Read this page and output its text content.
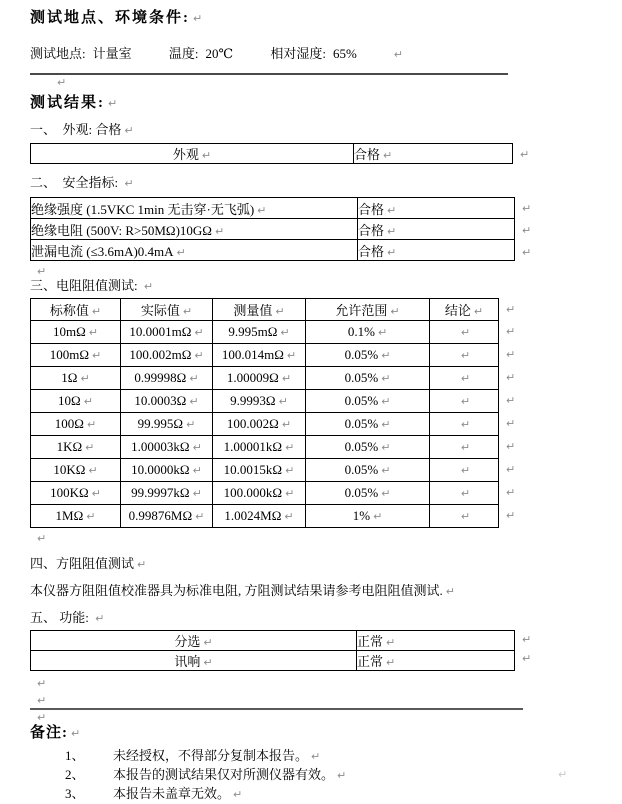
测试地点、环境条件: ↵
测试地点: 计量室	温度: 20℃	相对湿度: 65%	↵
↵
测试结果: ↵
一、  外观: 合格 ↵
外观 ↵	合格 ↵	↵
二、  安全指标: ↵
绝缘强度 (1.5VKC 1min 无击穿·无飞弧) ↵	合格 ↵
绝缘电阻 (500V: R>50MΩ)10GΩ ↵	合格 ↵
泄漏电流 (≤3.6mA)0.4mA ↵	合格 ↵
↵
↵
↵
↵
三、电阻阻值测试: ↵
标称值 ↵	实际值 ↵	测量值 ↵	允许范围 ↵	结论 ↵
10mΩ ↵	10.0001mΩ ↵	9.995mΩ ↵	0.1% ↵	↵
100mΩ ↵	100.002mΩ ↵	100.014mΩ ↵	0.05% ↵	↵
1Ω ↵	0.99998Ω ↵	1.00009Ω ↵	0.05% ↵	↵
10Ω ↵	10.0003Ω ↵	9.9993Ω ↵	0.05% ↵	↵
100Ω ↵	99.995Ω ↵	100.002Ω ↵	0.05% ↵	↵
1KΩ ↵	1.00003kΩ ↵	1.00001kΩ ↵	0.05% ↵	↵
10KΩ ↵	10.0000kΩ ↵	10.0015kΩ ↵	0.05% ↵	↵
100KΩ ↵	99.9997kΩ ↵	100.000kΩ ↵	0.05% ↵	↵
1MΩ ↵	0.99876MΩ ↵	1.0024MΩ ↵	1% ↵	↵
↵
↵
↵
↵
↵
↵
↵
↵
↵
↵
↵
四、方阻阻值测试 ↵
本仪器方阻阻值校准器具为标准电阻, 方阻测试结果请参考电阻阻值测试. ↵
五、 功能: ↵
分选 ↵	正常 ↵
讯响 ↵	正常 ↵
↵
↵
↵
↵
↵
备注: ↵
1、 未经授权，不得部分复制本报告。 ↵
2、 本报告的测试结果仅对所测仪器有效。 ↵
3、 本报告未盖章无效。 ↵
↵
